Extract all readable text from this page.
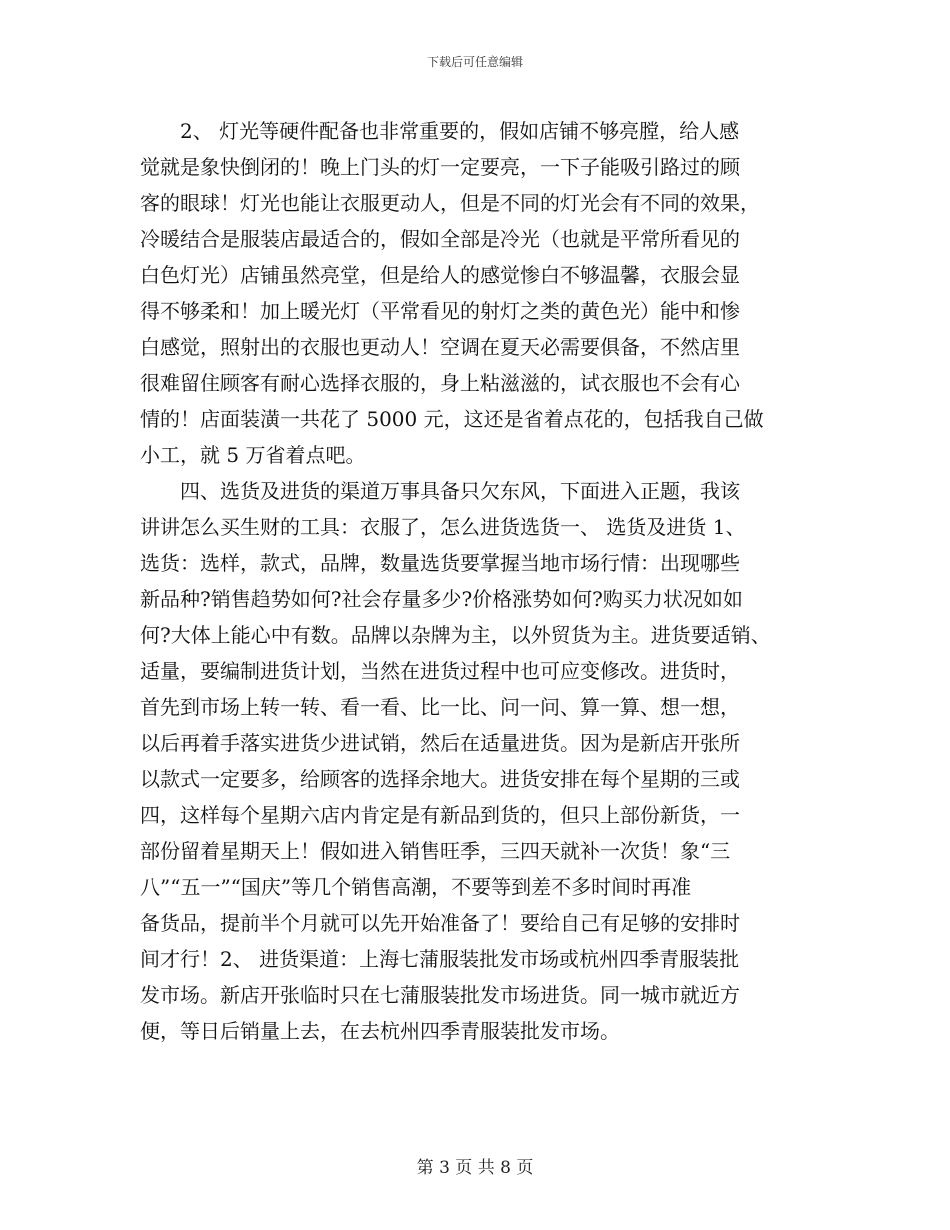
下载后可任意编辑
　　2、 灯光等硬件配备也非常重要的，假如店铺不够亮膛，给人感
觉就是象快倒闭的！晚上门头的灯一定要亮，一下子能吸引路过的顾
客的眼球！灯光也能让衣服更动人，但是不同的灯光会有不同的效果，
冷暖结合是服装店最适合的，假如全部是冷光（也就是平常所看见的
白色灯光）店铺虽然亮堂，但是给人的感觉惨白不够温馨，衣服会显
得不够柔和！加上暖光灯（平常看见的射灯之类的黄色光）能中和惨
白感觉，照射出的衣服也更动人！空调在夏天必需要俱备，不然店里
很难留住顾客有耐心选择衣服的，身上粘滋滋的，试衣服也不会有心
情的！店面装潢一共花了 5000 元，这还是省着点花的，包括我自己做
小工，就 5 万省着点吧。
　　四、选货及进货的渠道万事具备只欠东风，下面进入正题，我该
讲讲怎么买生财的工具：衣服了，怎么进货选货一、 选货及进货 1、
选货：选样，款式，品牌，数量选货要掌握当地市场行情：出现哪些
新品种?销售趋势如何?社会存量多少?价格涨势如何?购买力状况如如
何?大体上能心中有数。品牌以杂牌为主，以外贸货为主。进货要适销、
适量，要编制进货计划，当然在进货过程中也可应变修改。进货时，
首先到市场上转一转、看一看、比一比、问一问、算一算、想一想，
以后再着手落实进货少进试销，然后在适量进货。因为是新店开张所
以款式一定要多，给顾客的选择余地大。进货安排在每个星期的三或
四，这样每个星期六店内肯定是有新品到货的，但只上部份新货，一
部份留着星期天上！假如进入销售旺季，三四天就补一次货！象“三
八”“五一”“国庆”等几个销售高潮，不要等到差不多时间时再准
备货品，提前半个月就可以先开始准备了！要给自己有足够的安排时
间才行！2、 进货渠道：上海七蒲服装批发市场或杭州四季青服装批
发市场。新店开张临时只在七蒲服装批发市场进货。同一城市就近方
便，等日后销量上去，在去杭州四季青服装批发市场。
第 3 页 共 8 页
